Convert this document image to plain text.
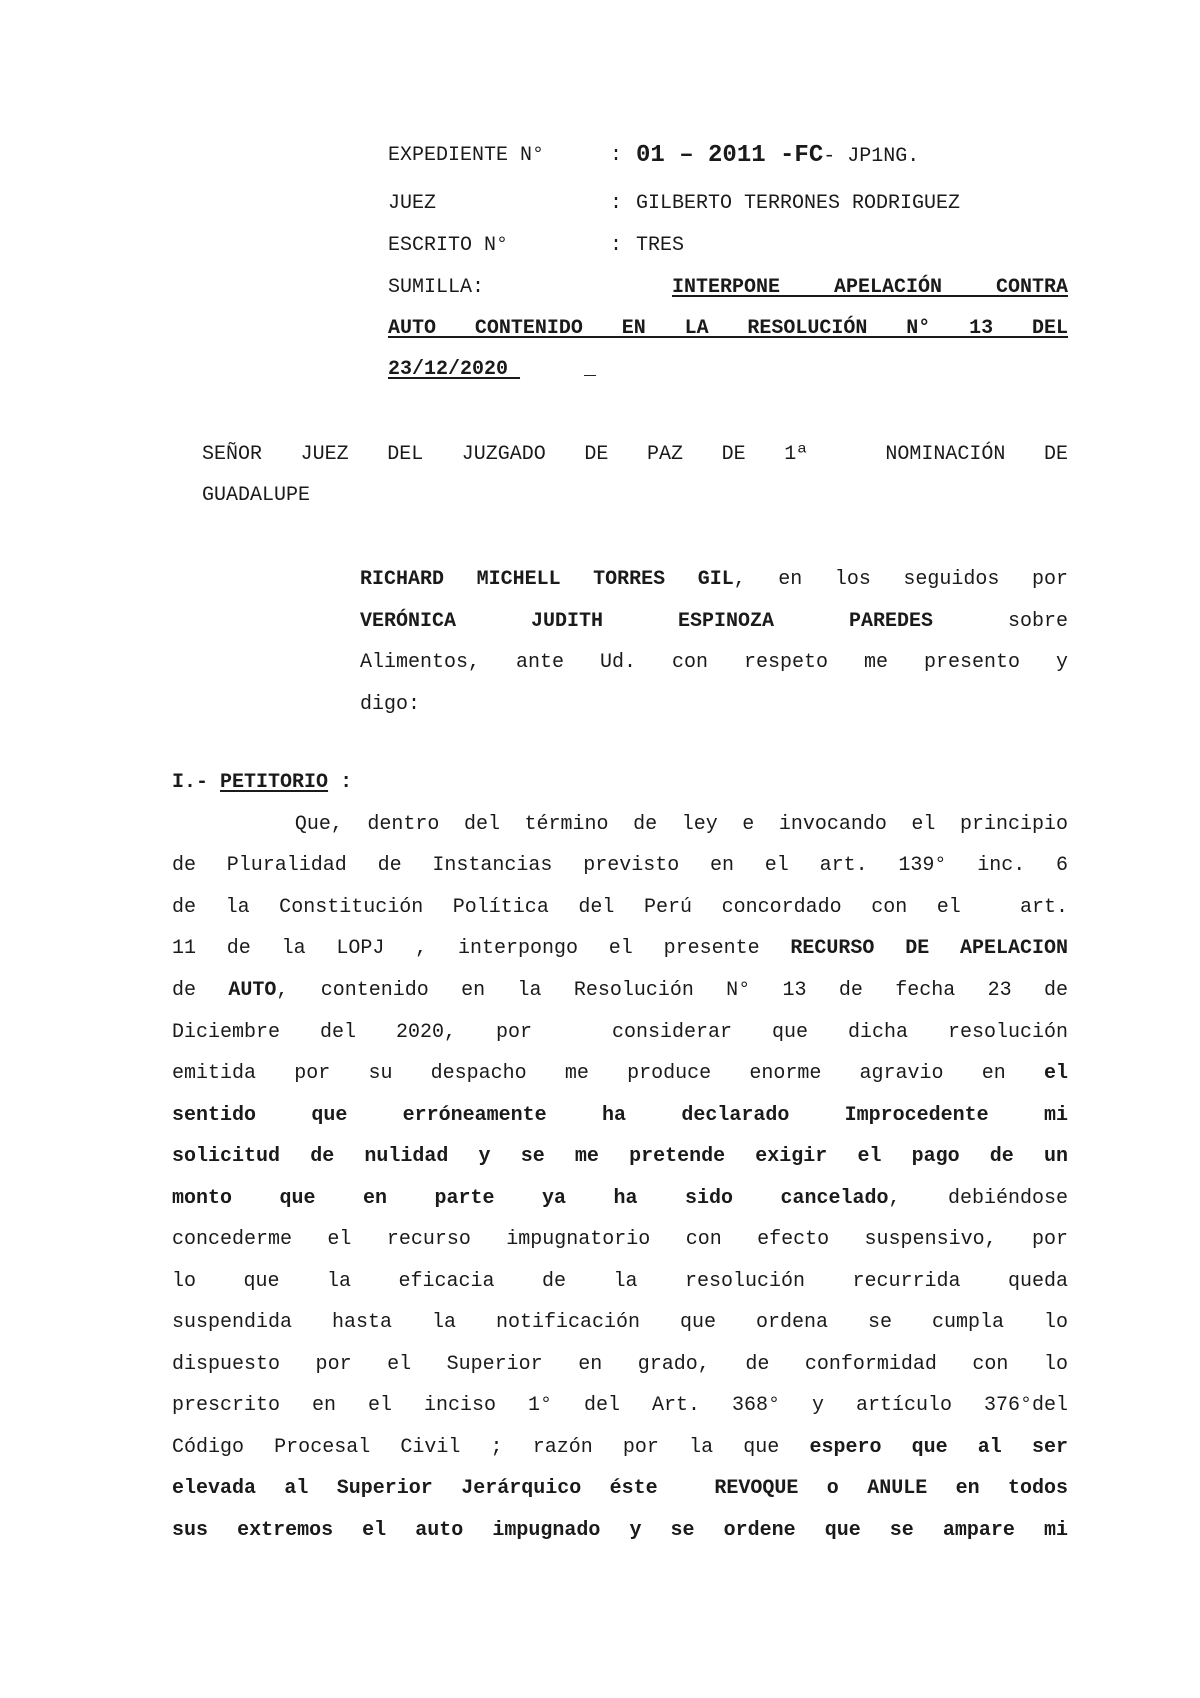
EXPEDIENTE N°	: 01 – 2011 -FC- JP1NG.
JUEZ	: GILBERTO TERRONES RODRIGUEZ
ESCRITO N°	: TRES
SUMILLA:	INTERPONE APELACIÓN CONTRA
AUTO CONTENIDO EN LA RESOLUCIÓN N° 13 DEL
23/12/2020	_
SEÑOR JUEZ DEL JUZGADO DE PAZ DE 1ª  NOMINACIÓN DE
GUADALUPE
RICHARD MICHELL TORRES GIL, en los seguidos por
VERÓNICA JUDITH ESPINOZA PAREDES sobre
Alimentos, ante Ud. con respeto me presento y
digo:
I.- PETITORIO :
Que, dentro del término de ley e invocando el principio
de Pluralidad de Instancias previsto en el art. 139° inc. 6
de la Constitución Política del Perú concordado con el  art.
11 de la LOPJ , interpongo el presente RECURSO DE APELACION
de AUTO, contenido en la Resolución N° 13 de fecha 23 de
Diciembre del 2020, por  considerar que dicha resolución
emitida por su despacho me produce enorme agravio en el
sentido que erróneamente ha declarado Improcedente mi
solicitud de nulidad y se me pretende exigir el pago de un
monto que en parte ya ha sido cancelado, debiéndose
concederme el recurso impugnatorio con efecto suspensivo, por
lo que la eficacia de la resolución recurrida queda
suspendida hasta la notificación que ordena se cumpla lo
dispuesto por el Superior en grado, de conformidad con lo
prescrito en el inciso 1° del Art. 368° y artículo 376°del
Código Procesal Civil ; razón por la que espero que al ser
elevada al Superior Jerárquico éste  REVOQUE o ANULE en todos
sus extremos el auto impugnado y se ordene que se ampare mi
